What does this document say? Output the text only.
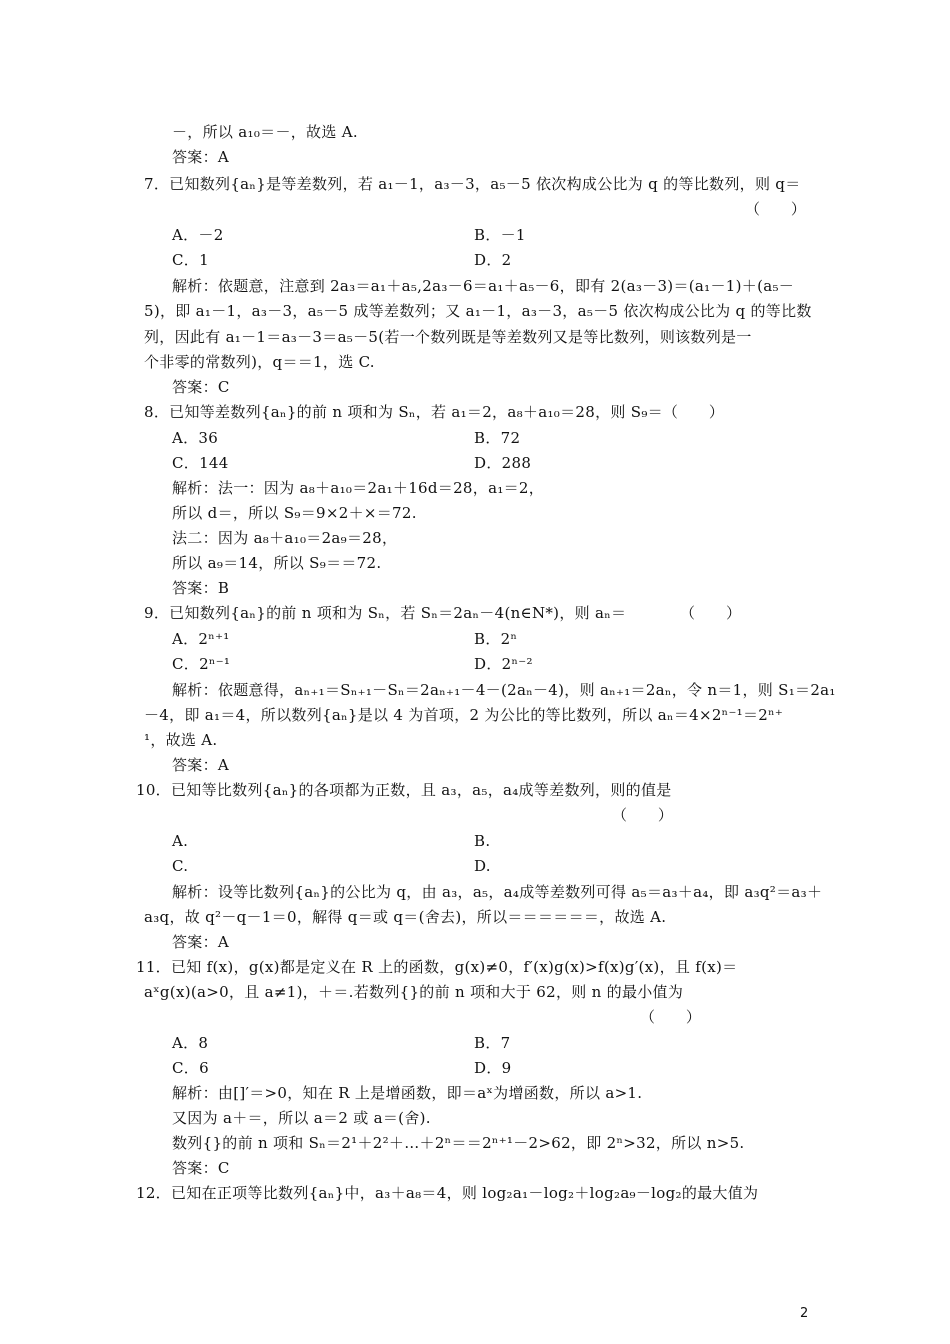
2
－，所以 a₁₀＝－，故选 A.
答案：A
7．已知数列{aₙ}是等差数列，若 a₁－1，a₃－3，a₅－5 依次构成公比为 q 的等比数列，则 q＝
（　　）
A．－2	B．－1
C．1	D．2
解析：依题意，注意到 2a₃＝a₁＋a₅,2a₃－6＝a₁＋a₅－6，即有 2(a₃－3)＝(a₁－1)＋(a₅－
5)，即 a₁－1，a₃－3，a₅－5 成等差数列；又 a₁－1，a₃－3，a₅－5 依次构成公比为 q 的等比数
列，因此有 a₁－1＝a₃－3＝a₅－5(若一个数列既是等差数列又是等比数列，则该数列是一
个非零的常数列)，q＝＝1，选 C.
答案：C
8．已知等差数列{aₙ}的前 n 项和为 Sₙ，若 a₁＝2，a₈＋a₁₀＝28，则 S₉＝（　　）
A．36	B．72
C．144	D．288
解析：法一：因为 a₈＋a₁₀＝2a₁＋16d＝28，a₁＝2，
所以 d＝，所以 S₉＝9×2＋×＝72.
法二：因为 a₈＋a₁₀＝2a₉＝28，
所以 a₉＝14，所以 S₉＝＝72.
答案：B
9．已知数列{aₙ}的前 n 项和为 Sₙ，若 Sₙ＝2aₙ－4(n∈N*)，则 aₙ＝　　　　（　　）
A．2ⁿ⁺¹	B．2ⁿ
C．2ⁿ⁻¹	D．2ⁿ⁻²
解析：依题意得，aₙ₊₁＝Sₙ₊₁－Sₙ＝2aₙ₊₁－4－(2aₙ－4)，则 aₙ₊₁＝2aₙ，令 n＝1，则 S₁＝2a₁
－4，即 a₁＝4，所以数列{aₙ}是以 4 为首项，2 为公比的等比数列，所以 aₙ＝4×2ⁿ⁻¹＝2ⁿ⁺
¹，故选 A.
答案：A
10．已知等比数列{aₙ}的各项都为正数，且 a₃，a₅，a₄成等差数列，则的值是
（　　）
A.	B.
C.	D.
解析：设等比数列{aₙ}的公比为 q，由 a₃，a₅，a₄成等差数列可得 a₅＝a₃＋a₄，即 a₃q²＝a₃＋
a₃q，故 q²－q－1＝0，解得 q＝或 q＝(舍去)，所以＝＝＝＝＝＝，故选 A.
答案：A
11．已知 f(x)，g(x)都是定义在 R 上的函数，g(x)≠0，f′(x)g(x)>f(x)g′(x)，且 f(x)＝
aˣg(x)(a>0，且 a≠1)，＋＝.若数列{}的前 n 项和大于 62，则 n 的最小值为
（　　）
A．8	B．7
C．6	D．9
解析：由[]′＝>0，知在 R 上是增函数，即＝aˣ为增函数，所以 a>1.
又因为 a＋＝，所以 a＝2 或 a＝(舍).
数列{}的前 n 项和 Sₙ＝2¹＋2²＋…＋2ⁿ＝＝2ⁿ⁺¹－2>62，即 2ⁿ>32，所以 n>5.
答案：C
12．已知在正项等比数列{aₙ}中，a₃＋a₈＝4，则 log₂a₁－log₂＋log₂a₉－log₂的最大值为
